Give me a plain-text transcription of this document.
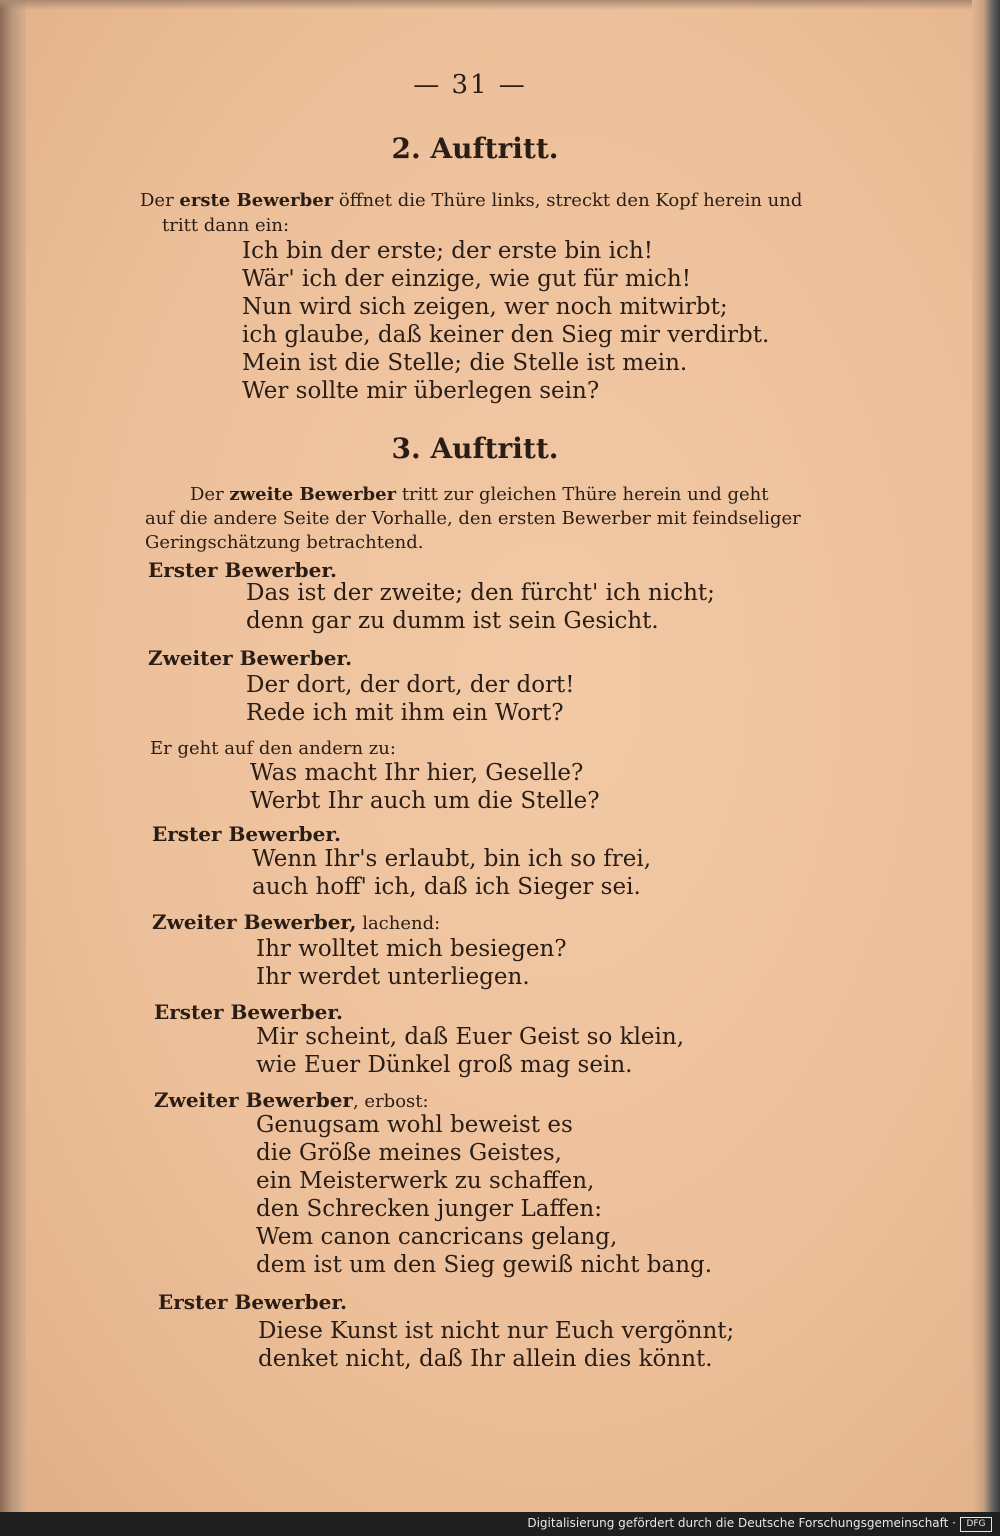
— 31 —
2. Auftritt.
Der erste Bewerber öffnet die Thüre links, streckt den Kopf herein und
tritt dann ein:
Ich bin der erste; der erste bin ich!
Wär' ich der einzige, wie gut für mich!
Nun wird sich zeigen, wer noch mitwirbt;
ich glaube, daß keiner den Sieg mir verdirbt.
Mein ist die Stelle; die Stelle ist mein.
Wer sollte mir überlegen sein?
3. Auftritt.
Der zweite Bewerber tritt zur gleichen Thüre herein und geht
auf die andere Seite der Vorhalle, den ersten Bewerber mit feindseliger
Geringschätzung betrachtend.
Erster Bewerber.
Das ist der zweite; den fürcht' ich nicht;
denn gar zu dumm ist sein Gesicht.
Zweiter Bewerber.
Der dort, der dort, der dort!
Rede ich mit ihm ein Wort?
Er geht auf den andern zu:
Was macht Ihr hier, Geselle?
Werbt Ihr auch um die Stelle?
Erster Bewerber.
Wenn Ihr's erlaubt, bin ich so frei,
auch hoff' ich, daß ich Sieger sei.
Zweiter Bewerber, lachend:
Ihr wolltet mich besiegen?
Ihr werdet unterliegen.
Erster Bewerber.
Mir scheint, daß Euer Geist so klein,
wie Euer Dünkel groß mag sein.
Zweiter Bewerber, erbost:
Genugsam wohl beweist es
die Größe meines Geistes,
ein Meisterwerk zu schaffen,
den Schrecken junger Laffen:
Wem canon cancricans gelang,
dem ist um den Sieg gewiß nicht bang.
Erster Bewerber.
Diese Kunst ist nicht nur Euch vergönnt;
denket nicht, daß Ihr allein dies könnt.
Digitalisierung gefördert durch die Deutsche Forschungsgemeinschaft ·	DFG
